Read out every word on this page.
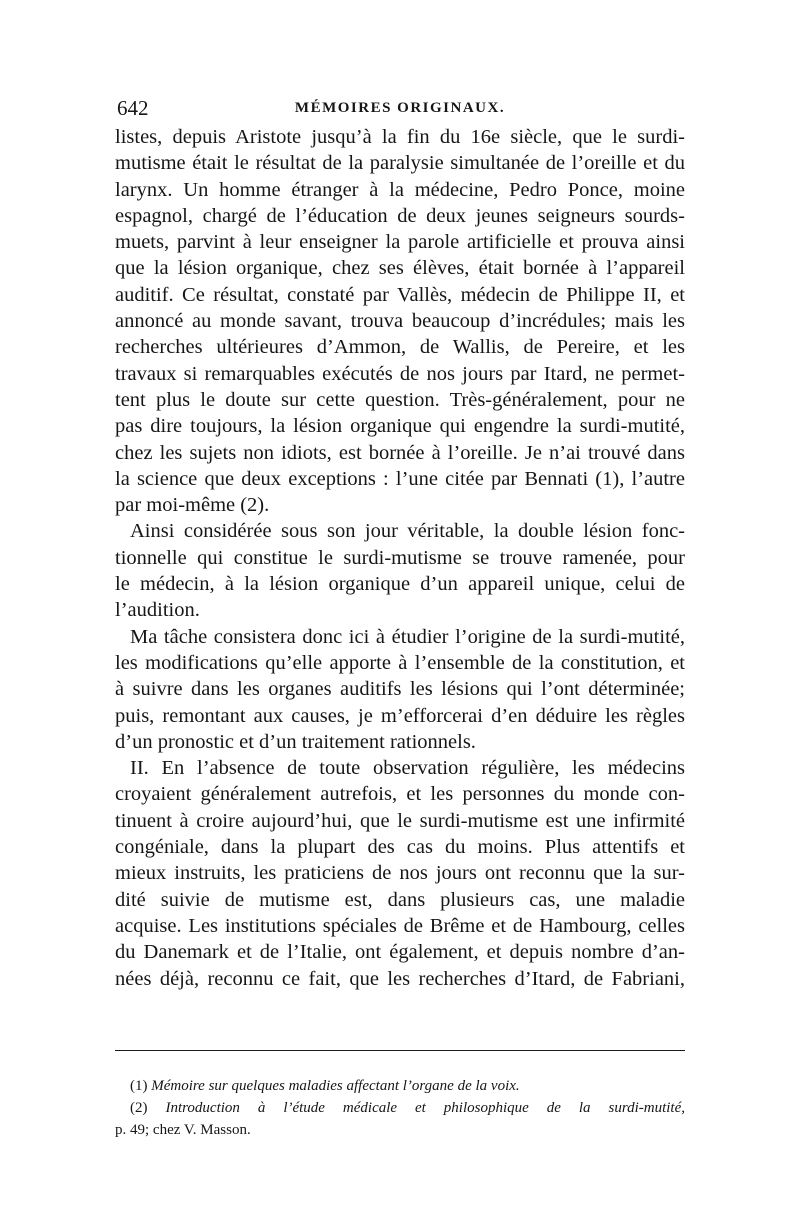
642	MÉMOIRES ORIGINAUX.
listes, depuis Aristote jusqu’à la fin du 16e siècle, que le surdi-
mutisme était le résultat de la paralysie simultanée de l’oreille et du
larynx. Un homme étranger à la médecine, Pedro Ponce, moine
espagnol, chargé de l’éducation de deux jeunes seigneurs sourds-
muets, parvint à leur enseigner la parole artificielle et prouva ainsi
que la lésion organique, chez ses élèves, était bornée à l’appareil
auditif. Ce résultat, constaté par Vallès, médecin de Philippe II, et
annoncé au monde savant, trouva beaucoup d’incrédules; mais les
recherches ultérieures d’Ammon, de Wallis, de Pereire, et les
travaux si remarquables exécutés de nos jours par Itard, ne permet-
tent plus le doute sur cette question. Très-généralement, pour ne
pas dire toujours, la lésion organique qui engendre la surdi-mutité,
chez les sujets non idiots, est bornée à l’oreille. Je n’ai trouvé dans
la science que deux exceptions : l’une citée par Bennati (1), l’autre
par moi-même (2).
Ainsi considérée sous son jour véritable, la double lésion fonc-
tionnelle qui constitue le surdi-mutisme se trouve ramenée, pour
le médecin, à la lésion organique d’un appareil unique, celui de
l’audition.
Ma tâche consistera donc ici à étudier l’origine de la surdi-mutité,
les modifications qu’elle apporte à l’ensemble de la constitution, et
à suivre dans les organes auditifs les lésions qui l’ont déterminée;
puis, remontant aux causes, je m’efforcerai d’en déduire les règles
d’un pronostic et d’un traitement rationnels.
II. En l’absence de toute observation régulière, les médecins
croyaient généralement autrefois, et les personnes du monde con-
tinuent à croire aujourd’hui, que le surdi-mutisme est une infirmité
congéniale, dans la plupart des cas du moins. Plus attentifs et
mieux instruits, les praticiens de nos jours ont reconnu que la sur-
dité suivie de mutisme est, dans plusieurs cas, une maladie
acquise. Les institutions spéciales de Brême et de Hambourg, celles
du Danemark et de l’Italie, ont également, et depuis nombre d’an-
nées déjà, reconnu ce fait, que les recherches d’Itard, de Fabriani,
(1) Mémoire sur quelques maladies affectant l’organe de la voix.
(2) Introduction à l’étude médicale et philosophique de la surdi-mutité,
p. 49; chez V. Masson.
